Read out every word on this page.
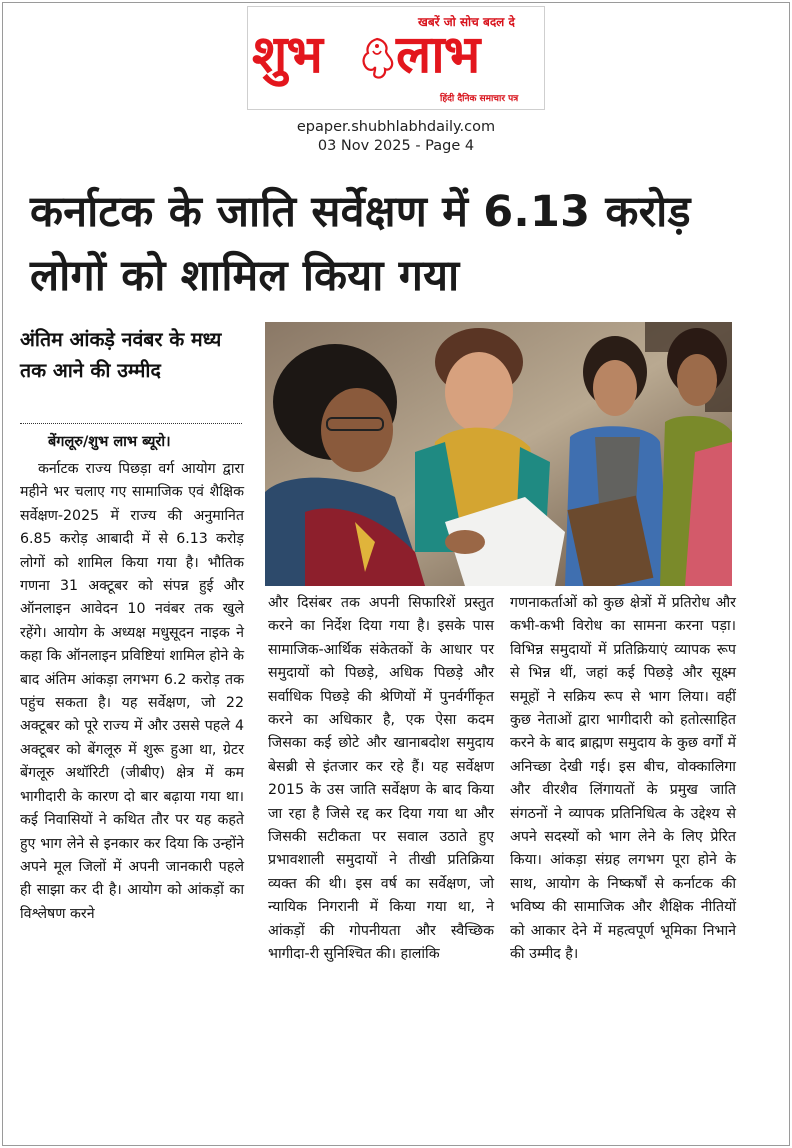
खबरें जो सोच बदल दे
शुभ लाभ
हिंदी दैनिक समाचार पत्र
epaper.shubhlabhdaily.com
03 Nov 2025 - Page 4
कर्नाटक के जाति सर्वेक्षण में 6.13 करोड़ लोगों को शामिल किया गया
अंतिम आंकड़े नवंबर के मध्य तक आने की उम्मीद
बेंगलूरु/शुभ लाभ ब्यूरो।

कर्नाटक राज्य पिछड़ा वर्ग आयोग द्वारा महीने भर चलाए गए सामाजिक एवं शैक्षिक सर्वेक्षण-2025 में राज्य की अनुमानित 6.85 करोड़ आबादी में से 6.13 करोड़ लोगों को शामिल किया गया है। भौतिक गणना 31 अक्टूबर को संपन्न हुई और ऑनलाइन आवेदन 10 नवंबर तक खुले रहेंगे। आयोग के अध्यक्ष मधुसूदन नाइक ने कहा कि ऑनलाइन प्रविष्टियां शामिल होने के बाद अंतिम आंकड़ा लगभग 6.2 करोड़ तक पहुंच सकता है। यह सर्वेक्षण, जो 22 अक्टूबर को पूरे राज्य में और उससे पहले 4 अक्टूबर को बेंगलूरु में शुरू हुआ था, ग्रेटर बेंगलूरु अथॉरिटी (जीबीए) क्षेत्र में कम भागीदारी के कारण दो बार बढ़ाया गया था। कई निवासियों ने कथित तौर पर यह कहते हुए भाग लेने से इनकार कर दिया कि उन्होंने अपने मूल जिलों में अपनी जानकारी पहले ही साझा कर दी है। आयोग को आंकड़ों का विश्लेषण करने

और दिसंबर तक अपनी सिफारिशें प्रस्तुत करने का निर्देश दिया गया है। इसके पास सामाजिक-आर्थिक संकेतकों के आधार पर समुदायों को पिछड़े, अधिक पिछड़े और सर्वाधिक पिछड़े की श्रेणियों में पुनर्वर्गीकृत करने का अधिकार है, एक ऐसा कदम जिसका कई छोटे और खानाबदोश समुदाय बेसब्री से इंतजार कर रहे हैं। यह सर्वेक्षण 2015 के उस जाति सर्वेक्षण के बाद किया जा रहा है जिसे रद्द कर दिया गया था और जिसकी सटीकता पर सवाल उठाते हुए प्रभावशाली समुदायों ने तीखी प्रतिक्रिया व्यक्त की थी। इस वर्ष का सर्वेक्षण, जो न्यायिक निगरानी में किया गया था, ने आंकड़ों की गोपनीयता और स्वैच्छिक भागीदा-री सुनिश्चित की। हालांकि

गणनाकर्ताओं को कुछ क्षेत्रों में प्रतिरोध और कभी-कभी विरोध का सामना करना पड़ा। विभिन्न समुदायों में प्रतिक्रियाएं व्यापक रूप से भिन्न थीं, जहां कई पिछड़े और सूक्ष्म समूहों ने सक्रिय रूप से भाग लिया। वहीं कुछ नेताओं द्वारा भागीदारी को हतोत्साहित करने के बाद ब्राह्मण समुदाय के कुछ वर्गों में अनिच्छा देखी गई। इस बीच, वोक्कालिगा और वीरशैव लिंगायतों के प्रमुख जाति संगठनों ने व्यापक प्रतिनिधित्व के उद्देश्य से अपने सदस्यों को भाग लेने के लिए प्रेरित किया। आंकड़ा संग्रह लगभग पूरा होने के साथ, आयोग के निष्कर्षों से कर्नाटक की भविष्य की सामाजिक और शैक्षिक नीतियों को आकार देने में महत्वपूर्ण भूमिका निभाने की उम्मीद है।
